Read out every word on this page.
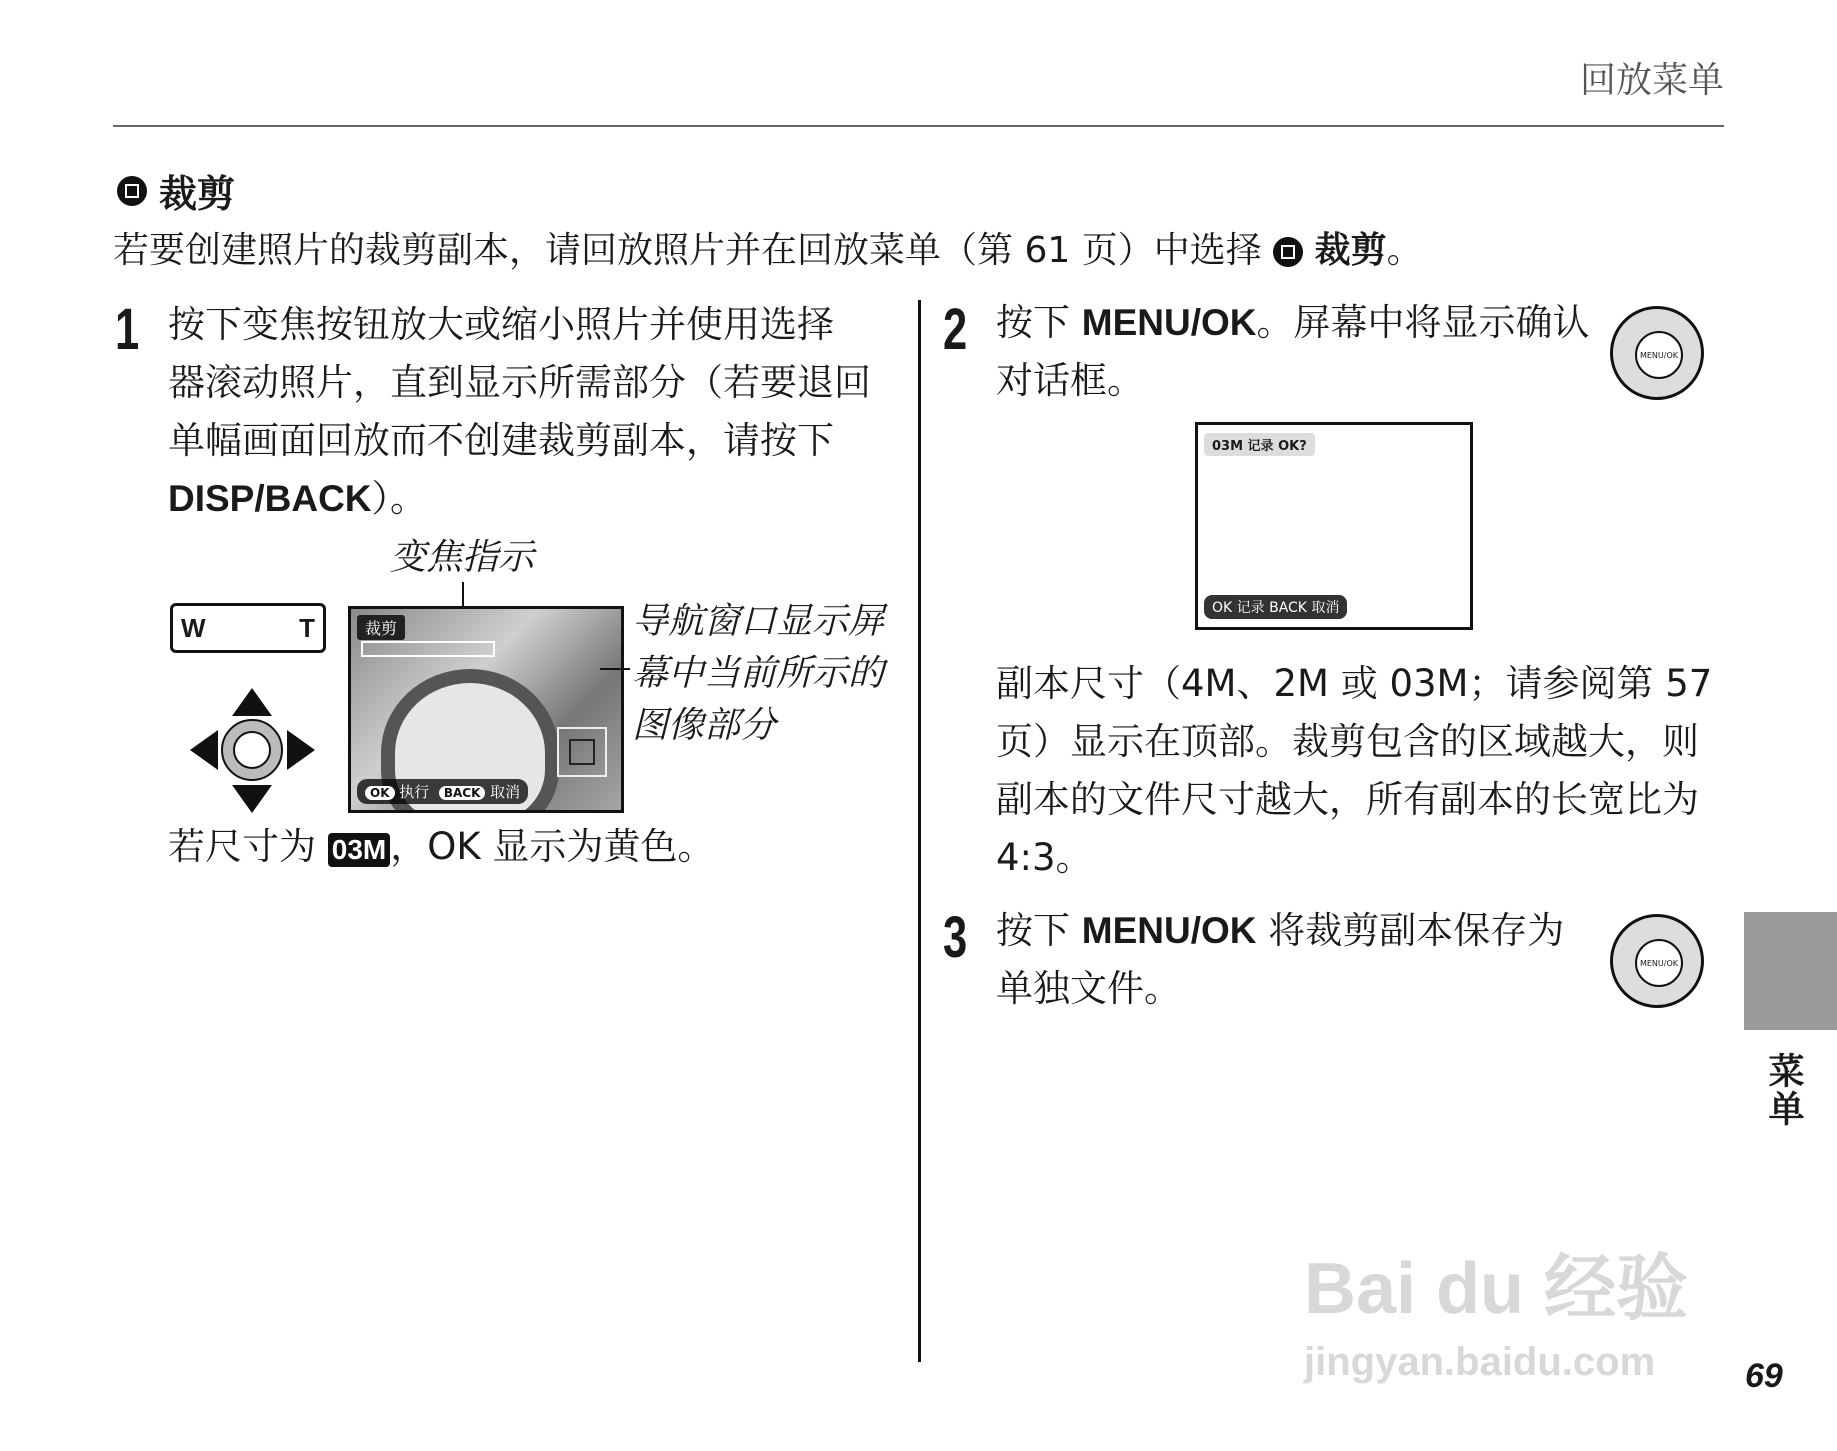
回放菜单
裁剪
若要创建照片的裁剪副本，请回放照片并在回放菜单（第 61 页）中选择 裁剪。
1 按下变焦按钮放大或缩小照片并使用选择
器滚动照片，直到显示所需部分（若要退回
单幅画面回放而不创建裁剪副本，请按下
DISP/BACK）。
变焦指示
W	T	裁剪
OK 执行 BACK 取消
导航窗口显示屏
幕中当前所示的
图像部分
若尺寸为 03M ，OK 显示为黄色。
2 按下 MENU/OK。屏幕中将显示确认
对话框。
MENU/OK
03M 记录 OK?
OK 记录 BACK 取消
副本尺寸（4M、2M 或 03M；请参阅第 57
页）显示在顶部。裁剪包含的区域越大，则
副本的文件尺寸越大，所有副本的长宽比为
4:3。
3 按下 MENU/OK 将裁剪副本保存为
单独文件。
MENU/OK
菜单
Bai du 经验
jingyan.baidu.com	69
